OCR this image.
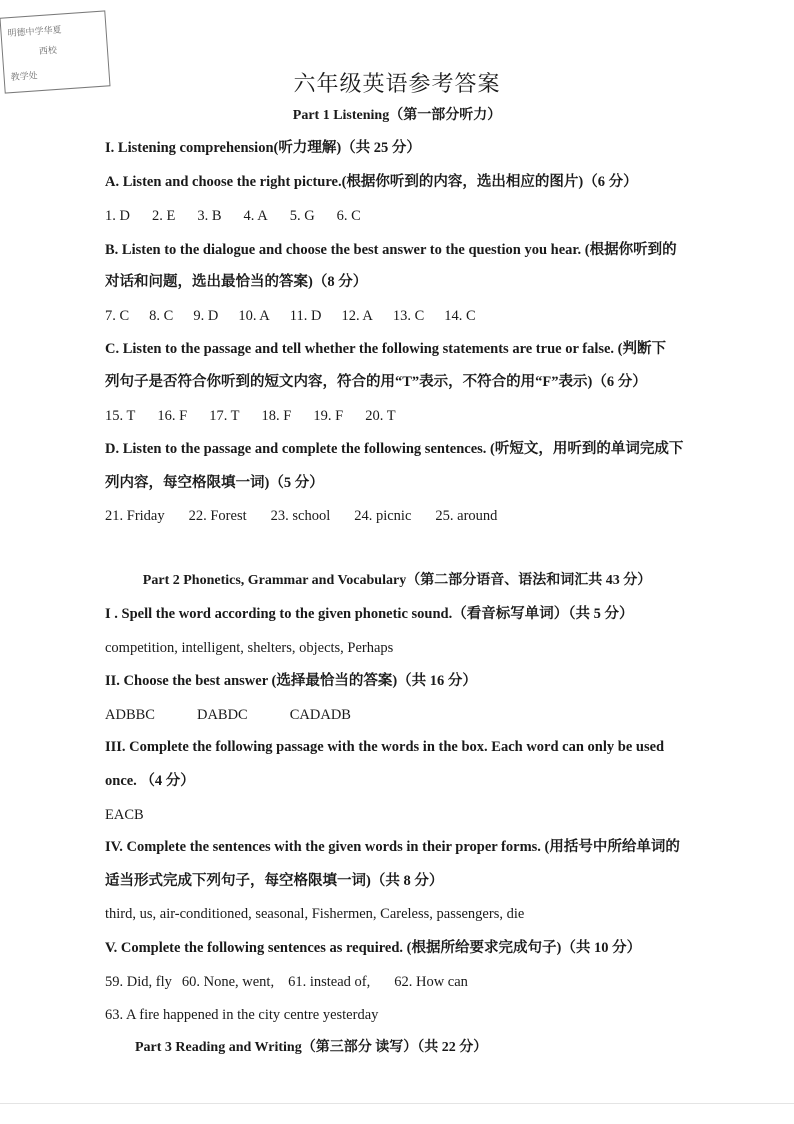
明德中学华夏
西校
教学处	六年级英语参考答案
Part 1 Listening（第一部分听力）
I. Listening comprehension(听力理解)（共 25 分）
A. Listen and choose the right picture.(根据你听到的内容，选出相应的图片)（6 分）
1. D 2. E 3. B 4. A 5. G 6. C
B. Listen to the dialogue and choose the best answer to the question you hear. (根据你听到的
对话和问题，选出最恰当的答案)（8 分）
7. C 8. C 9. D 10. A 11. D 12. A 13. C 14. C
C. Listen to the passage and tell whether the following statements are true or false. (判断下
列句子是否符合你听到的短文内容，符合的用“T”表示，不符合的用“F”表示)（6 分）
15. T 16. F 17. T 18. F 19. F 20. T
D. Listen to the passage and complete the following sentences. (听短文，用听到的单词完成下
列内容，每空格限填一词)（5 分）
21. Friday 22. Forest 23. school 24. picnic 25. around
Part 2 Phonetics, Grammar and Vocabulary（第二部分语音、语法和词汇共 43 分）
I . Spell the word according to the given phonetic sound.（看音标写单词）（共 5 分）
competition, intelligent, shelters, objects, Perhaps
II. Choose the best answer (选择最恰当的答案)（共 16 分）
ADBBC	DABDC	CADADB
III. Complete the following passage with the words in the box. Each word can only be used
once. （4 分）
EACB
IV. Complete the sentences with the given words in their proper forms. (用括号中所给单词的
适当形式完成下列句子，每空格限填一词)（共 8 分）
third, us, air-conditioned, seasonal, Fishermen, Careless, passengers, die
V. Complete the following sentences as required. (根据所给要求完成句子)（共 10 分）
59. Did, fly 60. None, went, 61. instead of, 62. How can
63. A fire happened in the city centre yesterday
Part 3 Reading and Writing（第三部分 读写）（共 22 分）
